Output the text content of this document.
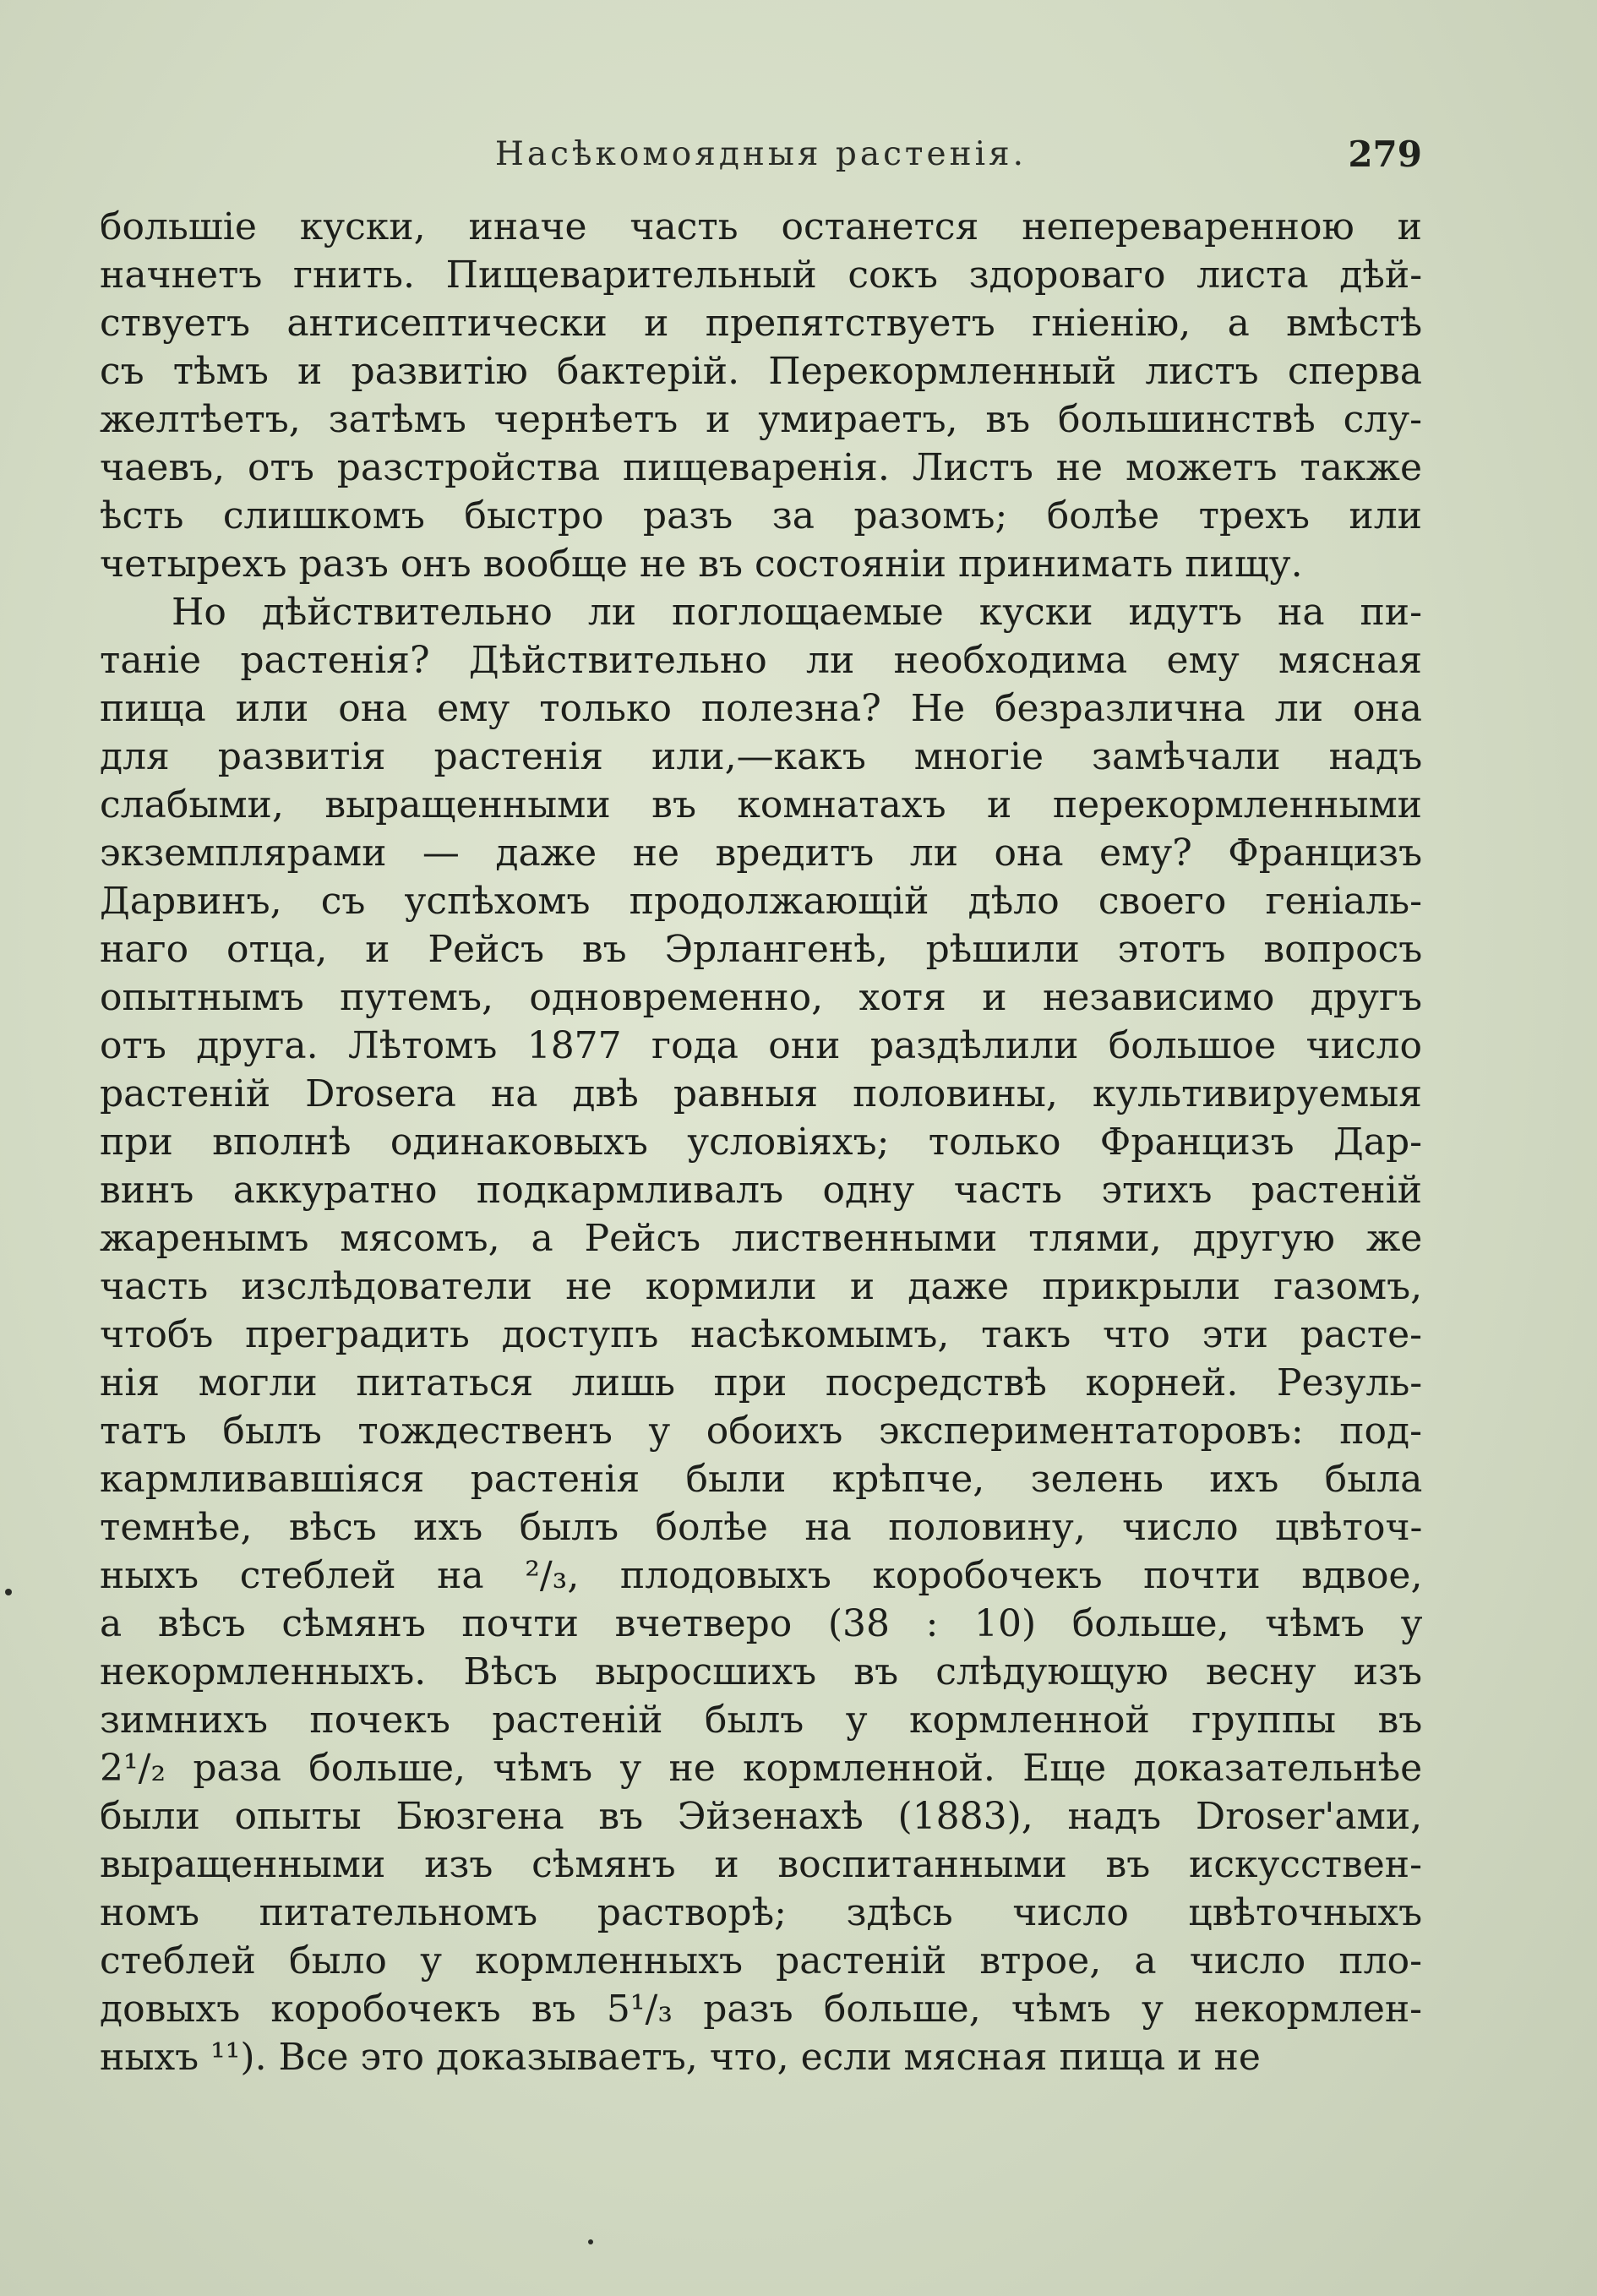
Насѣкомоядныя растенія.	279
большіе куски, иначе часть останется непереваренною и
начнетъ гнить. Пищеварительный сокъ здороваго листа дѣй-
ствуетъ антисептически и препятствуетъ гніенію, а вмѣстѣ
съ тѣмъ и развитію бактерій. Перекормленный листъ сперва
желтѣетъ, затѣмъ чернѣетъ и умираетъ, въ большинствѣ слу-
чаевъ, отъ разстройства пищеваренія. Листъ не можетъ также
ѣсть слишкомъ быстро разъ за разомъ; болѣе трехъ или
четырехъ разъ онъ вообще не въ состояніи принимать пищу.
Но дѣйствительно ли поглощаемые куски идутъ на пи-
таніе растенія? Дѣйствительно ли необходима ему мясная
пища или она ему только полезна? Не безразлична ли она
для развитія растенія или,—какъ многіе замѣчали надъ
слабыми, выращенными въ комнатахъ и перекормленными
экземплярами — даже не вредитъ ли она ему? Францизъ
Дарвинъ, съ успѣхомъ продолжающій дѣло своего геніаль-
наго отца, и Рейсъ въ Эрлангенѣ, рѣшили этотъ вопросъ
опытнымъ путемъ, одновременно, хотя и независимо другъ
отъ друга. Лѣтомъ 1877 года они раздѣлили большое число
растеній Drosera на двѣ равныя половины, культивируемыя
при вполнѣ одинаковыхъ условіяхъ; только Францизъ Дар-
винъ аккуратно подкармливалъ одну часть этихъ растеній
жаренымъ мясомъ, а Рейсъ лиственными тлями, другую же
часть изслѣдователи не кормили и даже прикрыли газомъ,
чтобъ преградить доступъ насѣкомымъ, такъ что эти расте-
нія могли питаться лишь при посредствѣ корней. Резуль-
татъ былъ тождественъ у обоихъ экспериментаторовъ: под-
кармливавшіяся растенія были крѣпче, зелень ихъ была
темнѣе, вѣсъ ихъ былъ болѣе на половину, число цвѣточ-
ныхъ стеблей на ²/₃, плодовыхъ коробочекъ почти вдвое,
а вѣсъ сѣмянъ почти вчетверо (38 : 10) больше, чѣмъ у
некормленныхъ. Вѣсъ выросшихъ въ слѣдующую весну изъ
зимнихъ почекъ растеній былъ у кормленной группы въ
2¹/₂ раза больше, чѣмъ у не кормленной. Еще доказательнѣе
были опыты Бюзгена въ Эйзенахѣ (1883), надъ Droser'ами,
выращенными изъ сѣмянъ и воспитанными въ искусствен-
номъ питательномъ растворѣ; здѣсь число цвѣточныхъ
стеблей было у кормленныхъ растеній втрое, а число пло-
довыхъ коробочекъ въ 5¹/₃ разъ больше, чѣмъ у некормлен-
ныхъ ¹¹). Все это доказываетъ, что, если мясная пища и не
